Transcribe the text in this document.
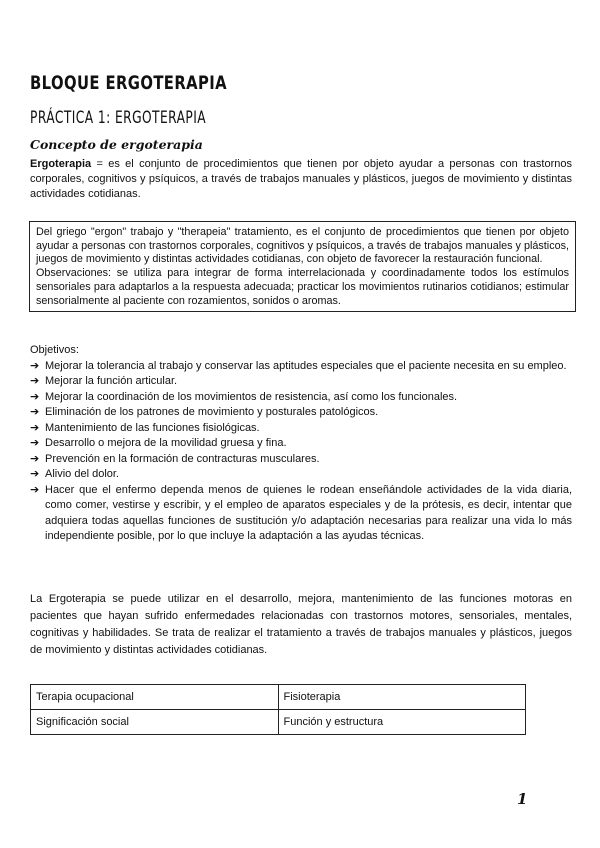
BLOQUE ERGOTERAPIA
PRÁCTICA 1: ERGOTERAPIA
Concepto de ergoterapia
Ergoterapia = es el conjunto de procedimientos que tienen por objeto ayudar a personas con trastornos corporales, cognitivos y psíquicos, a través de trabajos manuales y plásticos, juegos de movimiento y distintas actividades cotidianas.
Del griego "ergon" trabajo y "therapeia" tratamiento, es el conjunto de procedimientos que tienen por objeto ayudar a personas con trastornos corporales, cognitivos y psíquicos, a través de trabajos manuales y plásticos, juegos de movimiento y distintas actividades cotidianas, con objeto de favorecer la restauración funcional.
Observaciones: se utiliza para integrar de forma interrelacionada y coordinadamente todos los estímulos sensoriales para adaptarlos a la respuesta adecuada; practicar los movimientos rutinarios cotidianos; estimular sensorialmente al paciente con rozamientos, sonidos o aromas.
Objetivos:
➔ Mejorar la tolerancia al trabajo y conservar las aptitudes especiales que el paciente necesita en su empleo.
➔ Mejorar la función articular.
➔ Mejorar la coordinación de los movimientos de resistencia, así como los funcionales.
➔ Eliminación de los patrones de movimiento y posturales patológicos.
➔ Mantenimiento de las funciones fisiológicas.
➔ Desarrollo o mejora de la movilidad gruesa y fina.
➔ Prevención en la formación de contracturas musculares.
➔ Alivio del dolor.
➔ Hacer que el enfermo dependa menos de quienes le rodean enseñándole actividades de la vida diaria, como comer, vestirse y escribir, y el empleo de aparatos especiales y de la prótesis, es decir, intentar que adquiera todas aquellas funciones de sustitución y/o adaptación necesarias para realizar una vida lo más independiente posible, por lo que incluye la adaptación a las ayudas técnicas.
La Ergoterapia se puede utilizar en el desarrollo, mejora, mantenimiento de las funciones motoras en pacientes que hayan sufrido enfermedades relacionadas con trastornos motores, sensoriales, mentales, cognitivas y habilidades. Se trata de realizar el tratamiento a través de trabajos manuales y plásticos, juegos de movimiento y distintas actividades cotidianas.
Terapia ocupacional	Fisioterapia
Significación social	Función y estructura
1
